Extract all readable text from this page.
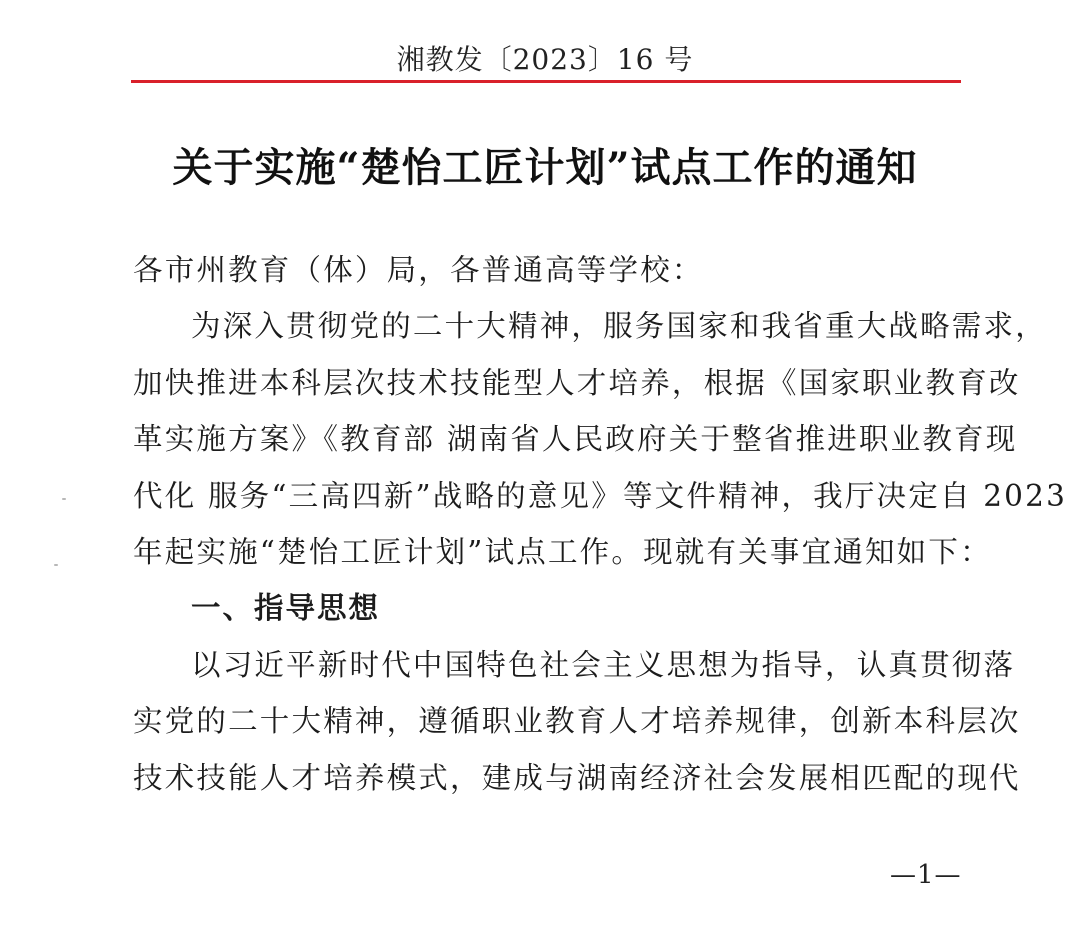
湘教发〔2023〕16 号
关于实施“楚怡工匠计划”试点工作的通知
各市州教育（体）局，各普通高等学校：
为深入贯彻党的二十大精神，服务国家和我省重大战略需求，
加快推进本科层次技术技能型人才培养，根据《国家职业教育改
革实施方案》《教育部 湖南省人民政府关于整省推进职业教育现
代化 服务“三高四新”战略的意见》等文件精神，我厅决定自 2023
年起实施“楚怡工匠计划”试点工作。现就有关事宜通知如下：
一、指导思想
以习近平新时代中国特色社会主义思想为指导，认真贯彻落
实党的二十大精神，遵循职业教育人才培养规律，创新本科层次
技术技能人才培养模式，建成与湖南经济社会发展相匹配的现代
—1—
